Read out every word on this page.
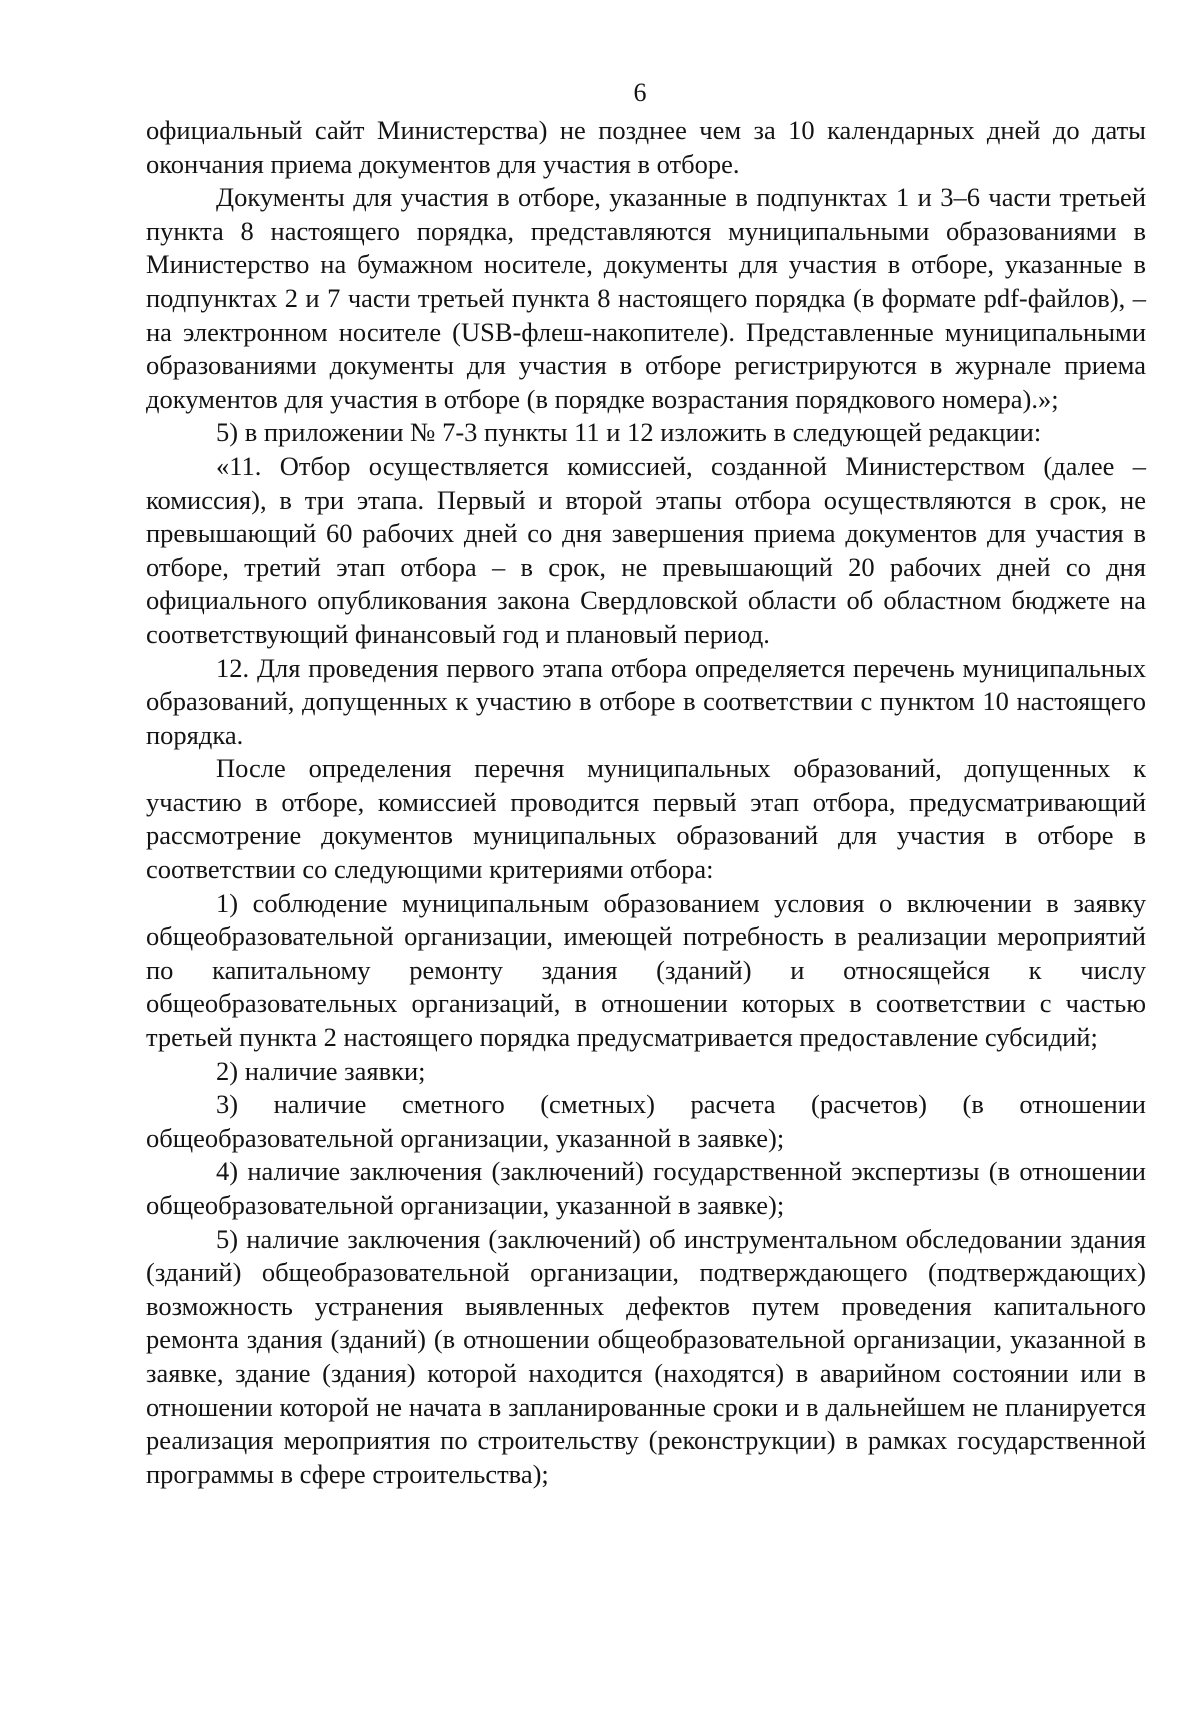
6

официальный сайт Министерства) не позднее чем за 10 календарных дней до даты окончания приема документов для участия в отборе.

Документы для участия в отборе, указанные в подпунктах 1 и 3–6 части третьей пункта 8 настоящего порядка, представляются муниципальными образованиями в Министерство на бумажном носителе, документы для участия в отборе, указанные в подпунктах 2 и 7 части третьей пункта 8 настоящего порядка (в формате pdf-файлов), – на электронном носителе (USB-флеш-накопителе). Представленные муниципальными образованиями документы для участия в отборе регистрируются в журнале приема документов для участия в отборе (в порядке возрастания порядкового номера).»;

5) в приложении № 7-3 пункты 11 и 12 изложить в следующей редакции:

«11. Отбор осуществляется комиссией, созданной Министерством (далее – комиссия), в три этапа. Первый и второй этапы отбора осуществляются в срок, не превышающий 60 рабочих дней со дня завершения приема документов для участия в отборе, третий этап отбора – в срок, не превышающий 20 рабочих дней со дня официального опубликования закона Свердловской области об областном бюджете на соответствующий финансовый год и плановый период.

12. Для проведения первого этапа отбора определяется перечень муниципальных образований, допущенных к участию в отборе в соответствии с пунктом 10 настоящего порядка.

После определения перечня муниципальных образований, допущенных к участию в отборе, комиссией проводится первый этап отбора, предусматривающий рассмотрение документов муниципальных образований для участия в отборе в соответствии со следующими критериями отбора:

1) соблюдение муниципальным образованием условия о включении в заявку общеобразовательной организации, имеющей потребность в реализации мероприятий по капитальному ремонту здания (зданий) и относящейся к числу общеобразовательных организаций, в отношении которых в соответствии с частью третьей пункта 2 настоящего порядка предусматривается предоставление субсидий;

2) наличие заявки;

3) наличие сметного (сметных) расчета (расчетов) (в отношении общеобразовательной организации, указанной в заявке);

4) наличие заключения (заключений) государственной экспертизы (в отношении общеобразовательной организации, указанной в заявке);

5) наличие заключения (заключений) об инструментальном обследовании здания (зданий) общеобразовательной организации, подтверждающего (подтверждающих) возможность устранения выявленных дефектов путем проведения капитального ремонта здания (зданий) (в отношении общеобразовательной организации, указанной в заявке, здание (здания) которой находится (находятся) в аварийном состоянии или в отношении которой не начата в запланированные сроки и в дальнейшем не планируется реализация мероприятия по строительству (реконструкции) в рамках государственной программы в сфере строительства);
